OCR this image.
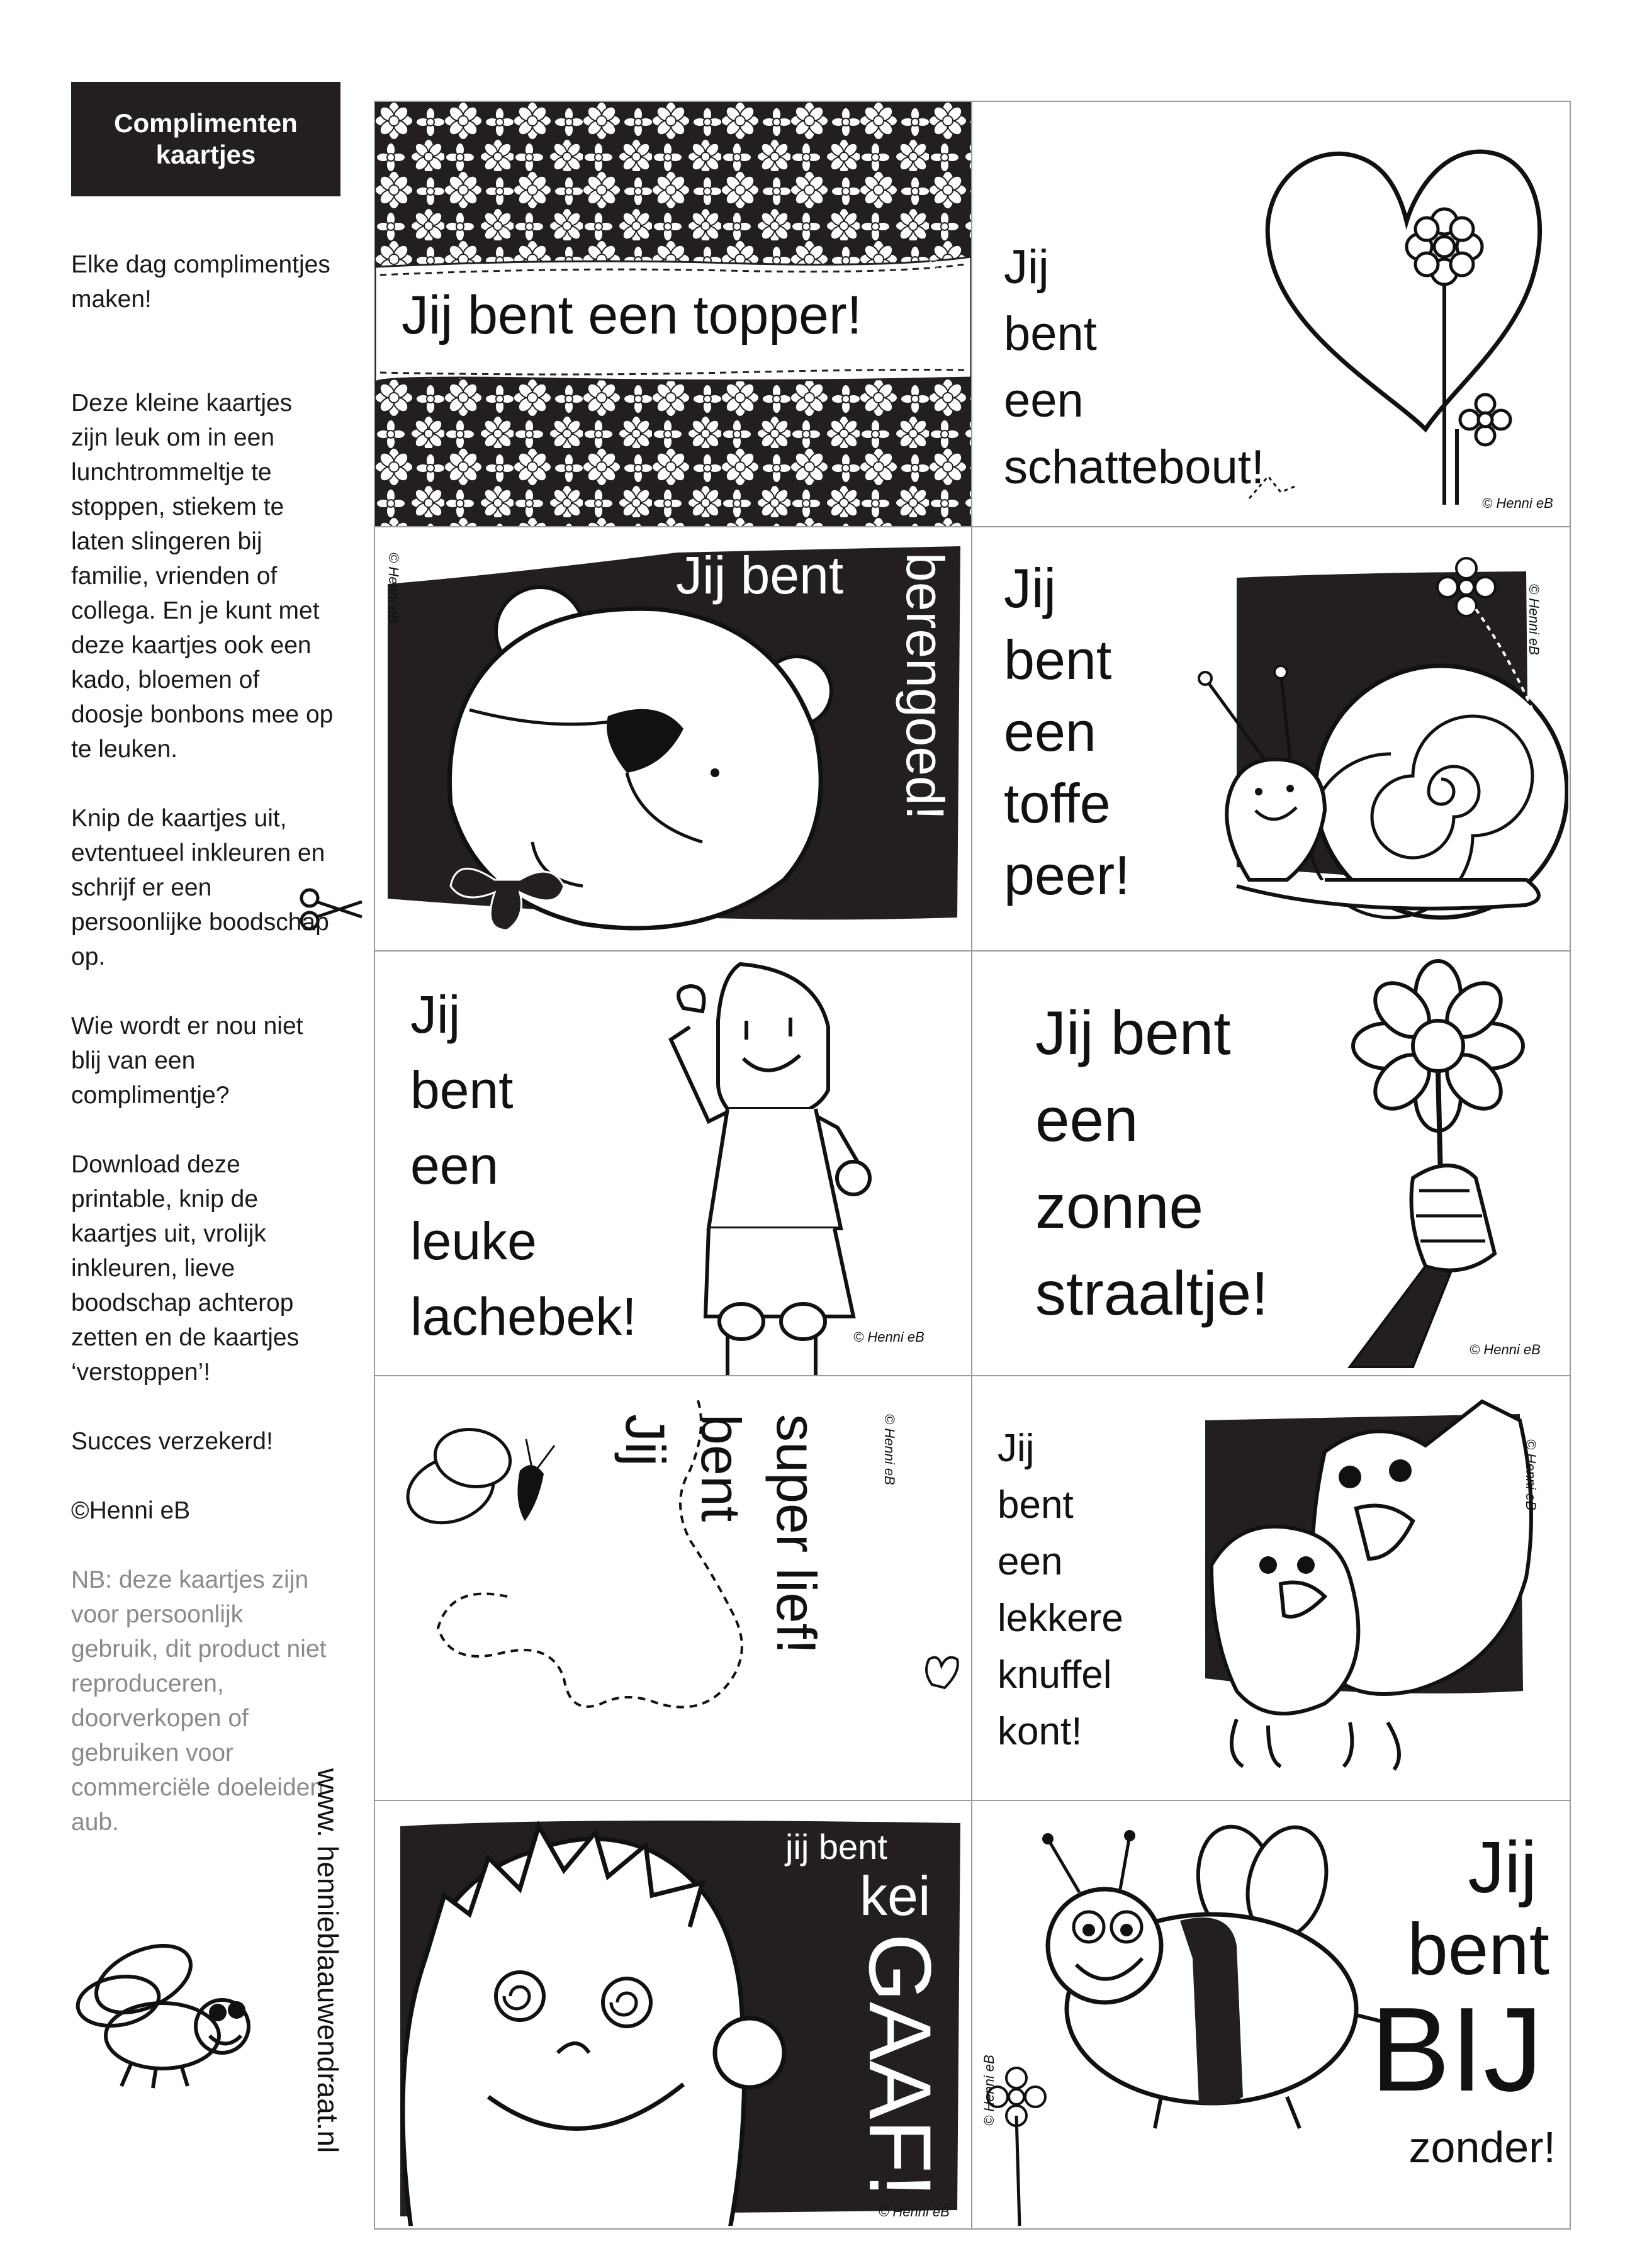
Complimenten
kaartjes

Elke dag complimentjes maken!

Deze kleine kaartjes zijn leuk om in een lunchtrommeltje te stoppen, stiekem te laten slingeren bij familie, vrienden of collega. En je kunt met deze kaartjes ook een kado, bloemen of doosje bonbons mee op te leuken.

Knip de kaartjes uit, evtentueel inkleuren en schrijf er een persoonlijke boodschap op.

Wie wordt er nou niet blij van een complimentje?

Download deze printable, knip de kaartjes uit, vrolijk inkleuren, lieve boodschap achterop zetten en de kaartjes ‘verstoppen’!

Succes verzekerd!

©Henni eB

NB: deze kaartjes zijn voor persoonlijk gebruik, dit product niet reproduceren, doorverkopen of gebruiken voor commerciële doeleiden aub.	www. hennieblaauwendraat.nl
Jij bent een topper!	© Henni eB Jij
bent
een
schattebout!
© Henni eB
Jij bent berengoed!
© Henni eB	Jij
bent
een
toffe
peer!
© Henni eB
Jij
bent
een
leuke
lachebek!	© Henni eB
Jij bent
een
zonne
straaltje!
© Henni eB
Jij bent super lief!	© Henni eB	Jij
bent
een
lekkere
knuffel
kont!
© Henni eB
jij bent
kei
GAAF!
© Henni eB
Jij
bent
BIJ
zonder!
© Henni eB
